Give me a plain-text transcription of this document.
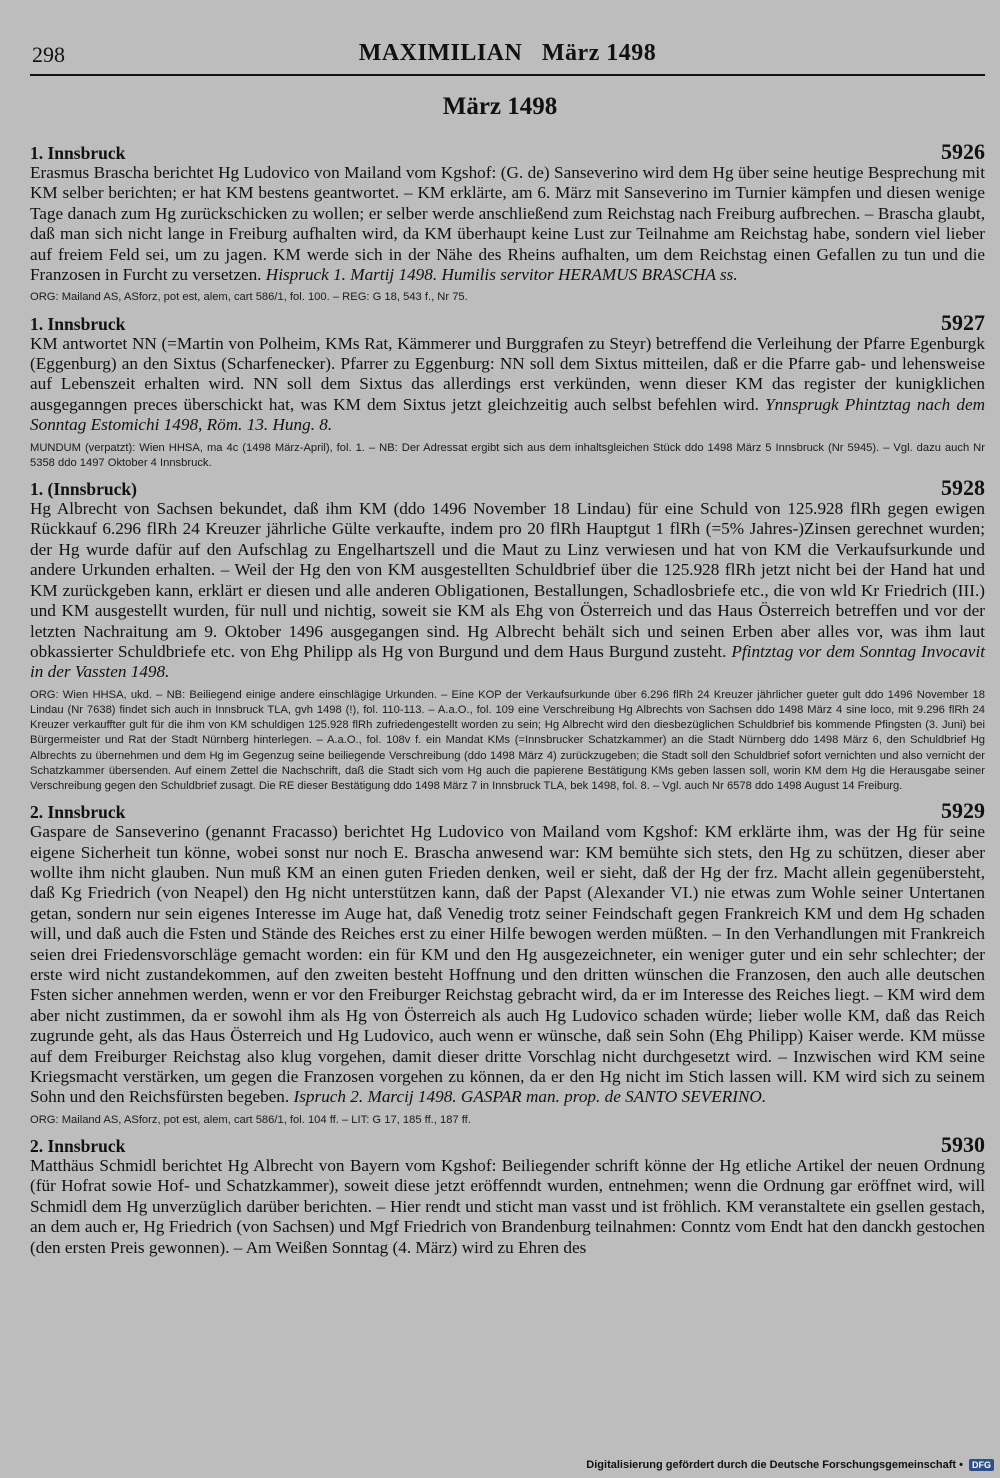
298	MAXIMILIAN   März 1498
März 1498
1. Innsbruck	5926

Erasmus Brascha berichtet Hg Ludovico von Mailand vom Kgshof: (G. de) Sanseverino wird dem Hg über seine heutige Besprechung mit KM selber berichten; er hat KM bestens geantwortet. – KM erklärte, am 6. März mit Sanseverino im Turnier kämpfen und diesen wenige Tage danach zum Hg zurückschicken zu wollen; er selber werde anschließend zum Reichstag nach Freiburg aufbrechen. – Brascha glaubt, daß man sich nicht lange in Freiburg aufhalten wird, da KM überhaupt keine Lust zur Teilnahme am Reichstag habe, sondern viel lieber auf freiem Feld sei, um zu jagen. KM werde sich in der Nähe des Rheins aufhalten, um dem Reichstag einen Gefallen zu tun und die Franzosen in Furcht zu versetzen. Hispruck 1. Martij 1498. Humilis servitor HERAMUS BRASCHA ss.

ORG: Mailand AS, ASforz, pot est, alem, cart 586/1, fol. 100. – REG: G 18, 543 f., Nr 75.

1. Innsbruck	5927

KM antwortet NN (=Martin von Polheim, KMs Rat, Kämmerer und Burggrafen zu Steyr) betreffend die Verleihung der Pfarre Egenburgk (Eggenburg) an den Sixtus (Scharfenecker). Pfarrer zu Eggenburg: NN soll dem Sixtus mitteilen, daß er die Pfarre gab- und lehensweise auf Lebenszeit erhalten wird. NN soll dem Sixtus das allerdings erst verkünden, wenn dieser KM das register der kunigklichen ausgeganngen preces überschickt hat, was KM dem Sixtus jetzt gleichzeitig auch selbst befehlen wird. Ynnsprugk Phintztag nach dem Sonntag Estomichi 1498, Röm. 13. Hung. 8.

MUNDUM (verpatzt): Wien HHSA, ma 4c (1498 März-April), fol. 1. – NB: Der Adressat ergibt sich aus dem inhaltsgleichen Stück ddo 1498 März 5 Innsbruck (Nr 5945). – Vgl. dazu auch Nr 5358 ddo 1497 Oktober 4 Innsbruck.

1. (Innsbruck)	5928

Hg Albrecht von Sachsen bekundet, daß ihm KM (ddo 1496 November 18 Lindau) für eine Schuld von 125.928 flRh gegen ewigen Rückkauf 6.296 flRh 24 Kreuzer jährliche Gülte verkaufte, indem pro 20 flRh Hauptgut 1 flRh (=5% Jahres-)Zinsen gerechnet wurden; der Hg wurde dafür auf den Aufschlag zu Engelhartszell und die Maut zu Linz verwiesen und hat von KM die Verkaufsurkunde und andere Urkunden erhalten. – Weil der Hg den von KM ausgestellten Schuldbrief über die 125.928 flRh jetzt nicht bei der Hand hat und KM zurückgeben kann, erklärt er diesen und alle anderen Obligationen, Bestallungen, Schadlosbriefe etc., die von wld Kr Friedrich (III.) und KM ausgestellt wurden, für null und nichtig, soweit sie KM als Ehg von Österreich und das Haus Österreich betreffen und vor der letzten Nachraitung am 9. Oktober 1496 ausgegangen sind. Hg Albrecht behält sich und seinen Erben aber alles vor, was ihm laut obkassierter Schuldbriefe etc. von Ehg Philipp als Hg von Burgund und dem Haus Burgund zusteht. Pfintztag vor dem Sonntag Invocavit in der Vassten 1498.

ORG: Wien HHSA, ukd. – NB: Beiliegend einige andere einschlägige Urkunden. – Eine KOP der Verkaufsurkunde über 6.296 flRh 24 Kreuzer jährlicher gueter gult ddo 1496 November 18 Lindau (Nr 7638) findet sich auch in Innsbruck TLA, gvh 1498 (!), fol. 110-113. – A.a.O., fol. 109 eine Verschreibung Hg Albrechts von Sachsen ddo 1498 März 4 sine loco, mit 9.296 flRh 24 Kreuzer verkauffter gult für die ihm von KM schuldigen 125.928 flRh zufriedengestellt worden zu sein; Hg Albrecht wird den diesbezüglichen Schuldbrief bis kommende Pfingsten (3. Juni) bei Bürgermeister und Rat der Stadt Nürnberg hinterlegen. – A.a.O., fol. 108v f. ein Mandat KMs (=Innsbrucker Schatzkammer) an die Stadt Nürnberg ddo 1498 März 6, den Schuldbrief Hg Albrechts zu übernehmen und dem Hg im Gegenzug seine beiliegende Verschreibung (ddo 1498 März 4) zurückzugeben; die Stadt soll den Schuldbrief sofort vernichten und also vernicht der Schatzkammer übersenden. Auf einem Zettel die Nachschrift, daß die Stadt sich vom Hg auch die papierene Bestätigung KMs geben lassen soll, worin KM dem Hg die Herausgabe seiner Verschreibung gegen den Schuldbrief zusagt. Die RE dieser Bestätigung ddo 1498 März 7 in Innsbruck TLA, bek 1498, fol. 8. – Vgl. auch Nr 6578 ddo 1498 August 14 Freiburg.

2. Innsbruck	5929

Gaspare de Sanseverino (genannt Fracasso) berichtet Hg Ludovico von Mailand vom Kgshof: KM erklärte ihm, was der Hg für seine eigene Sicherheit tun könne, wobei sonst nur noch E. Brascha anwesend war: KM bemühte sich stets, den Hg zu schützen, dieser aber wollte ihm nicht glauben. Nun muß KM an einen guten Frieden denken, weil er sieht, daß der Hg der frz. Macht allein gegenübersteht, daß Kg Friedrich (von Neapel) den Hg nicht unterstützen kann, daß der Papst (Alexander VI.) nie etwas zum Wohle seiner Untertanen getan, sondern nur sein eigenes Interesse im Auge hat, daß Venedig trotz seiner Feindschaft gegen Frankreich KM und dem Hg schaden will, und daß auch die Fsten und Stände des Reiches erst zu einer Hilfe bewogen werden müßten. – In den Verhandlungen mit Frankreich seien drei Friedensvorschläge gemacht worden: ein für KM und den Hg ausgezeichneter, ein weniger guter und ein sehr schlechter; der erste wird nicht zustandekommen, auf den zweiten besteht Hoffnung und den dritten wünschen die Franzosen, den auch alle deutschen Fsten sicher annehmen werden, wenn er vor den Freiburger Reichstag gebracht wird, da er im Interesse des Reiches liegt. – KM wird dem aber nicht zustimmen, da er sowohl ihm als Hg von Österreich als auch Hg Ludovico schaden würde; lieber wolle KM, daß das Reich zugrunde geht, als das Haus Österreich und Hg Ludovico, auch wenn er wünsche, daß sein Sohn (Ehg Philipp) Kaiser werde. KM müsse auf dem Freiburger Reichstag also klug vorgehen, damit dieser dritte Vorschlag nicht durchgesetzt wird. – Inzwischen wird KM seine Kriegsmacht verstärken, um gegen die Franzosen vorgehen zu können, da er den Hg nicht im Stich lassen will. KM wird sich zu seinem Sohn und den Reichsfürsten begeben. Ispruch 2. Marcij 1498. GASPAR man. prop. de SANTO SEVERINO.

ORG: Mailand AS, ASforz, pot est, alem, cart 586/1, fol. 104 ff. – LIT: G 17, 185 ff., 187 ff.

2. Innsbruck	5930

Matthäus Schmidl berichtet Hg Albrecht von Bayern vom Kgshof: Beiliegender schrift könne der Hg etliche Artikel der neuen Ordnung (für Hofrat sowie Hof- und Schatzkammer), soweit diese jetzt eröffenndt wurden, entnehmen; wenn die Ordnung gar eröffnet wird, will Schmidl dem Hg unverzüglich darüber berichten. – Hier rendt und sticht man vasst und ist fröhlich. KM veranstaltete ein gsellen gestach, an dem auch er, Hg Friedrich (von Sachsen) und Mgf Friedrich von Brandenburg teilnahmen: Conntz vom Endt hat den danckh gestochen (den ersten Preis gewonnen). – Am Weißen Sonntag (4. März) wird zu Ehren des

Digitalisierung gefördert durch die Deutsche Forschungsgemeinschaft •	DFG
